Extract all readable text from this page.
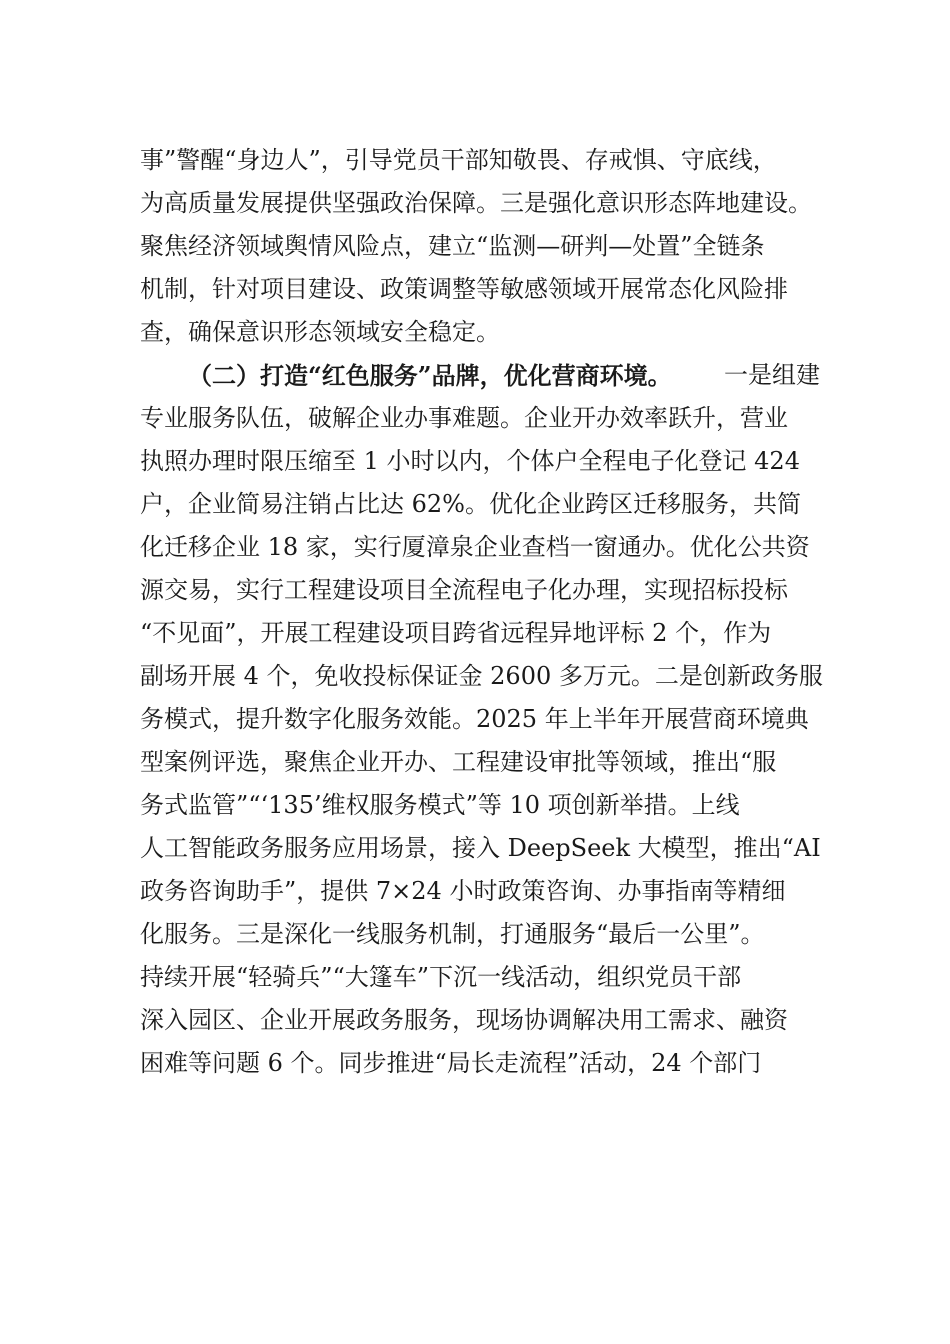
事”警醒“身边人”，引导党员干部知敬畏、存戒惧、守底线，
为高质量发展提供坚强政治保障。三是强化意识形态阵地建设。
聚焦经济领域舆情风险点，建立“监测—研判—处置”全链条
机制，针对项目建设、政策调整等敏感领域开展常态化风险排
查，确保意识形态领域安全稳定。
（二）打造“红色服务”品牌，优化营商环境。 一是组建
专业服务队伍，破解企业办事难题。企业开办效率跃升，营业
执照办理时限压缩至 1 小时以内，个体户全程电子化登记 424
户，企业简易注销占比达 62%。优化企业跨区迁移服务，共简
化迁移企业 18 家，实行厦漳泉企业查档一窗通办。优化公共资
源交易，实行工程建设项目全流程电子化办理，实现招标投标
“不见面”，开展工程建设项目跨省远程异地评标 2 个，作为
副场开展 4 个，免收投标保证金 2600 多万元。二是创新政务服
务模式，提升数字化服务效能。2025 年上半年开展营商环境典
型案例评选，聚焦企业开办、工程建设审批等领域，推出“服
务式监管”“‘135’维权服务模式”等 10 项创新举措。上线
人工智能政务服务应用场景，接入 DeepSeek 大模型，推出“AI
政务咨询助手”，提供 7×24 小时政策咨询、办事指南等精细
化服务。三是深化一线服务机制，打通服务“最后一公里”。
持续开展“轻骑兵”“大篷车”下沉一线活动，组织党员干部
深入园区、企业开展政务服务，现场协调解决用工需求、融资
困难等问题 6 个。同步推进“局长走流程”活动，24 个部门
